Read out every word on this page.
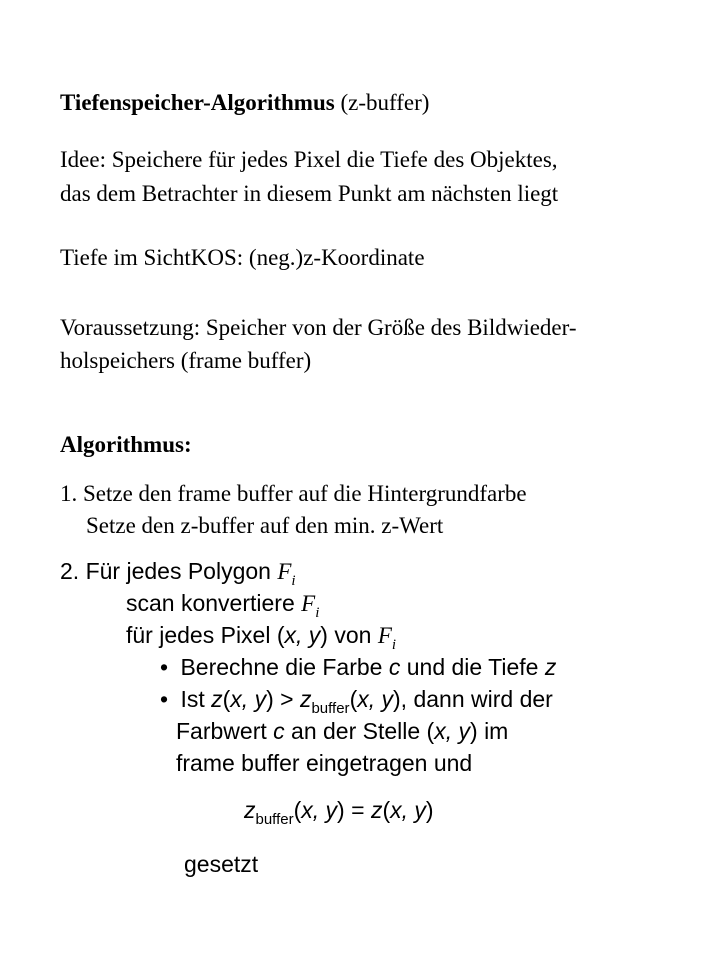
Tiefenspeicher-Algorithmus (z-buffer)
Idee: Speichere für jedes Pixel die Tiefe des Objektes,
das dem Betrachter in diesem Punkt am nächsten liegt
Tiefe im SichtKOS: (neg.)z-Koordinate
Voraussetzung: Speicher von der Größe des Bildwieder-
holspeichers (frame buffer)
Algorithmus:
1. Setze den frame buffer auf die Hintergrundfarbe
Setze den z-buffer auf den min. z-Wert
2. Für jedes Polygon $F_i$
scan konvertiere $F_i$
für jedes Pixel (x, y) von $F_i$
• Berechne die Farbe c und die Tiefe z
• Ist z(x, $y) > z_{buffer}(x$, y), dann wird der
Farbwert c an der Stelle (x, y) im
frame buffer eingetragen und
$z_{buffer}(x$, y) = z(x, y)
gesetzt
